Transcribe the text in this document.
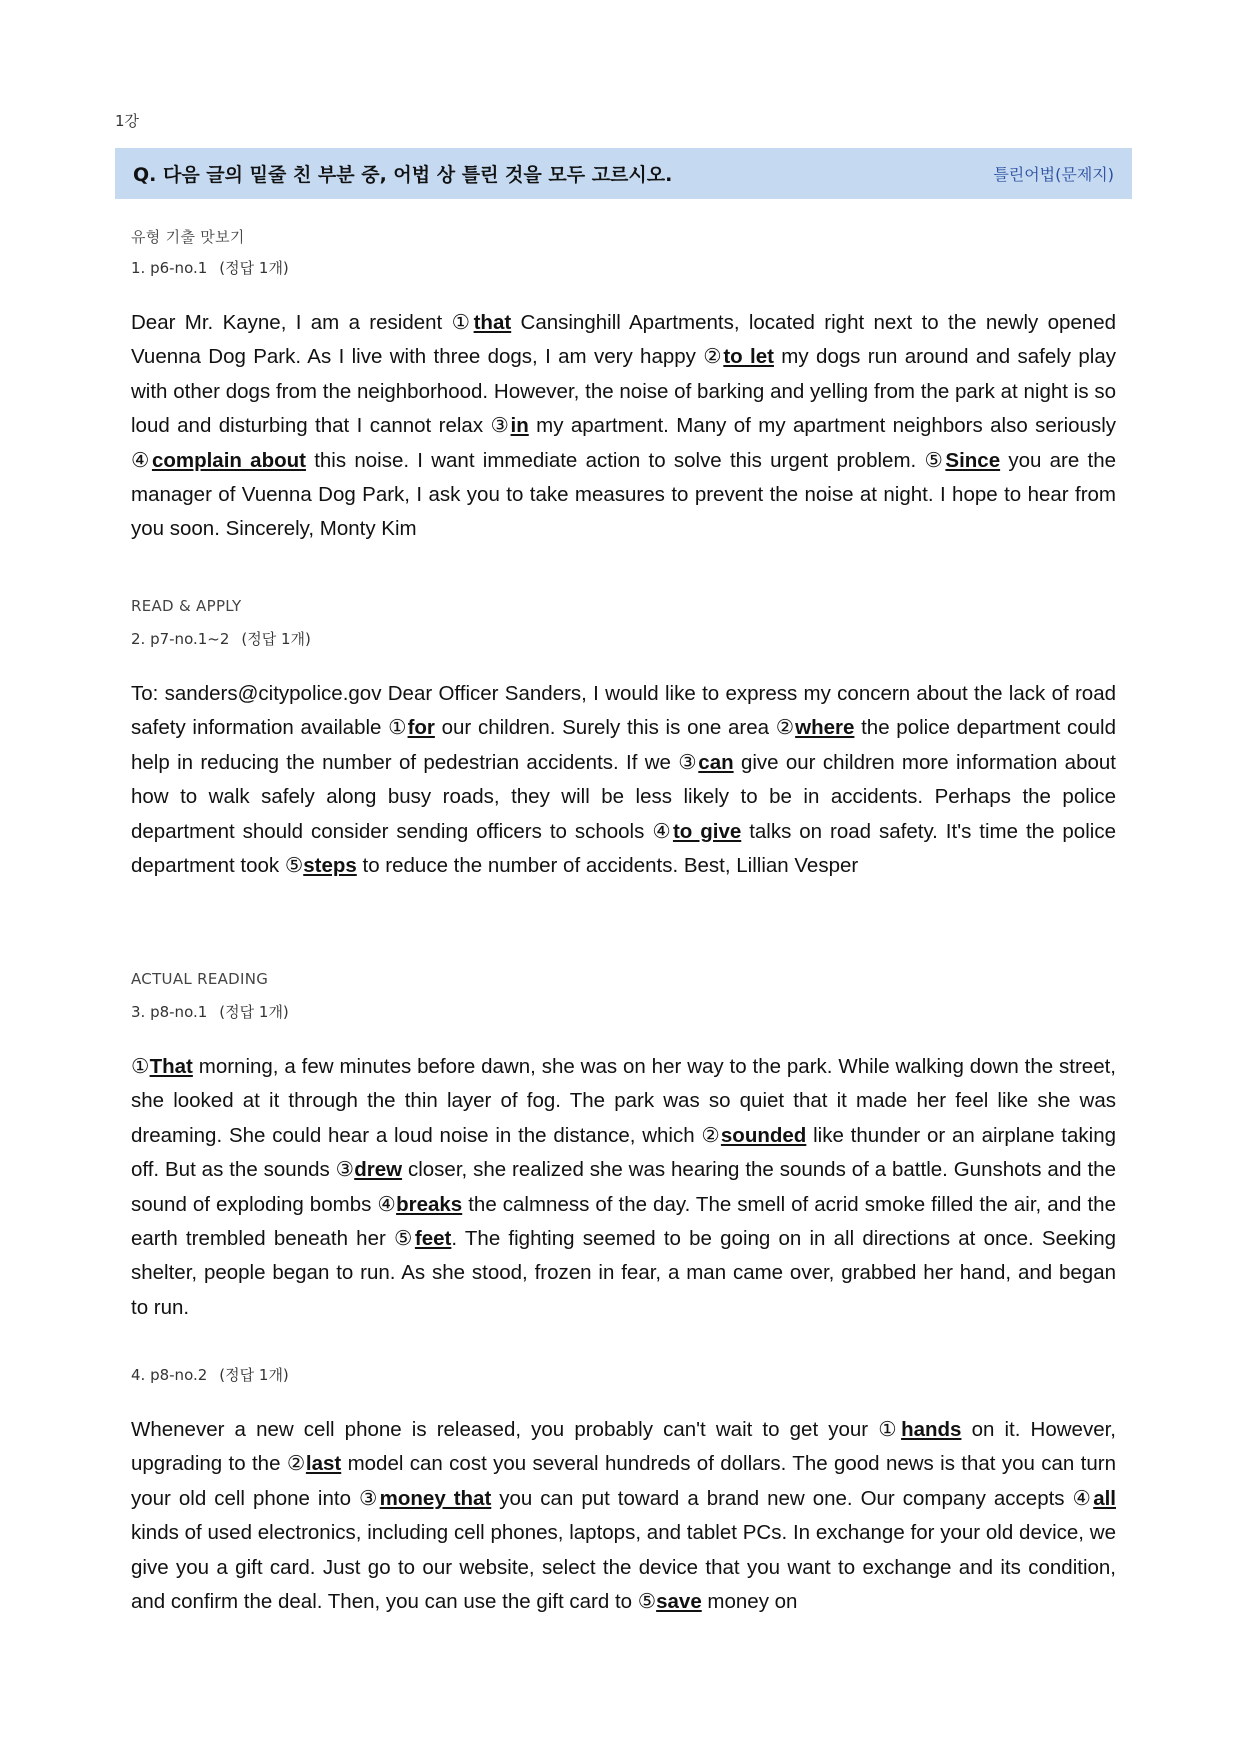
1강
Q. 다음 글의 밑줄 친 부분 중, 어법 상 틀린 것을 모두 고르시오.	틀린어법(문제지)
유형 기출 맛보기
1. p6-no.1 (정답 1개)
Dear Mr. Kayne, I am a resident ①that Cansinghill Apartments, located right next to the newly opened Vuenna Dog Park. As I live with three dogs, I am very happy ②to let my dogs run around and safely play with other dogs from the neighborhood. However, the noise of barking and yelling from the park at night is so loud and disturbing that I cannot relax ③in my apartment. Many of my apartment neighbors also seriously ④complain about this noise. I want immediate action to solve this urgent problem. ⑤Since you are the manager of Vuenna Dog Park, I ask you to take measures to prevent the noise at night. I hope to hear from you soon. Sincerely, Monty Kim
READ & APPLY
2. p7-no.1~2 (정답 1개)
To: sanders@citypolice.gov Dear Officer Sanders, I would like to express my concern about the lack of road safety information available ①for our children. Surely this is one area ②where the police department could help in reducing the number of pedestrian accidents. If we ③can give our children more information about how to walk safely along busy roads, they will be less likely to be in accidents. Perhaps the police department should consider sending officers to schools ④to give talks on road safety. It's time the police department took ⑤steps to reduce the number of accidents. Best, Lillian Vesper
ACTUAL READING
3. p8-no.1 (정답 1개)
①That morning, a few minutes before dawn, she was on her way to the park. While walking down the street, she looked at it through the thin layer of fog. The park was so quiet that it made her feel like she was dreaming. She could hear a loud noise in the distance, which ②sounded like thunder or an airplane taking off. But as the sounds ③drew closer, she realized she was hearing the sounds of a battle. Gunshots and the sound of exploding bombs ④breaks the calmness of the day. The smell of acrid smoke filled the air, and the earth trembled beneath her ⑤feet. The fighting seemed to be going on in all directions at once. Seeking shelter, people began to run. As she stood, frozen in fear, a man came over, grabbed her hand, and began to run.
4. p8-no.2 (정답 1개)
Whenever a new cell phone is released, you probably can't wait to get your ①hands on it. However, upgrading to the ②last model can cost you several hundreds of dollars. The good news is that you can turn your old cell phone into ③money that you can put toward a brand new one. Our company accepts ④all kinds of used electronics, including cell phones, laptops, and tablet PCs. In exchange for your old device, we give you a gift card. Just go to our website, select the device that you want to exchange and its condition, and confirm the deal. Then, you can use the gift card to ⑤save money on
